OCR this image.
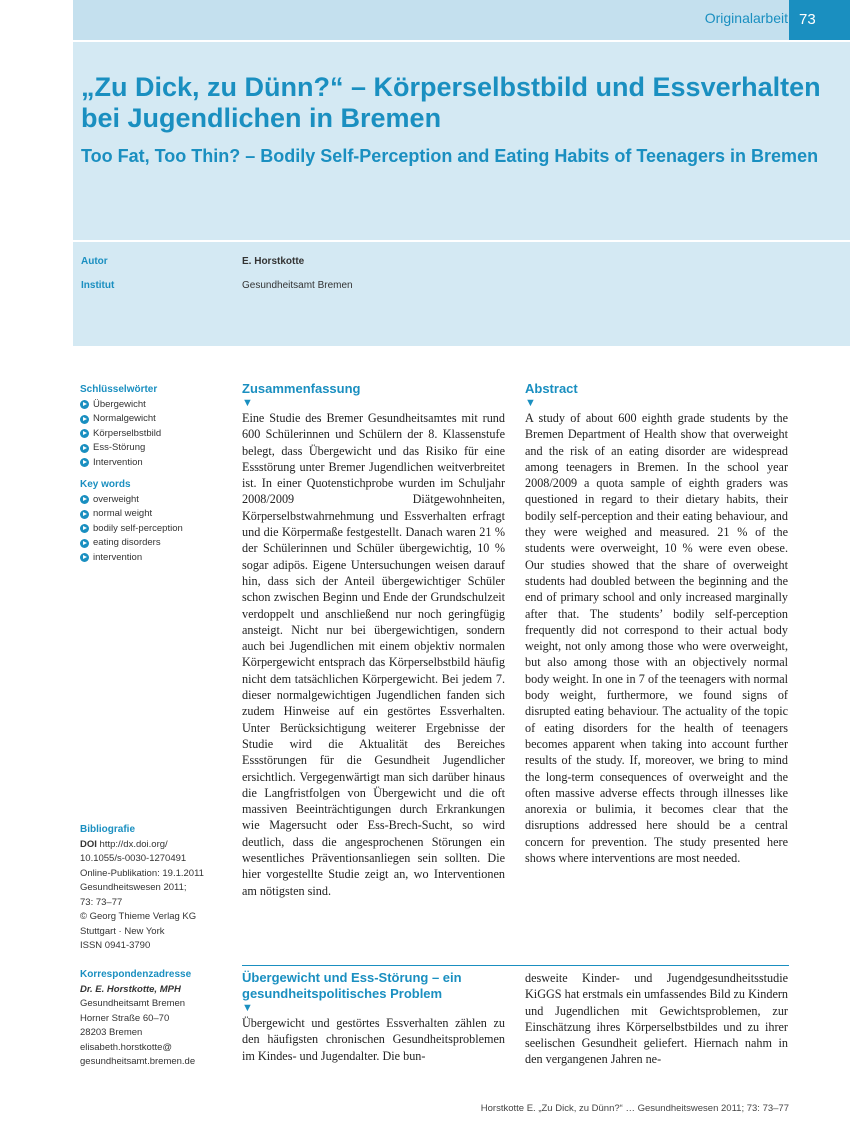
Originalarbeit 73
„Zu Dick, zu Dünn?“ – Körperselbstbild und Essverhalten bei Jugendlichen in Bremen
Too Fat, Too Thin? – Bodily Self-Perception and Eating Habits of Teenagers in Bremen
Autor	E. Horstkotte
Institut	Gesundheitsamt Bremen
Schlüsselwörter
Übergewicht
Normalgewicht
Körperselbstbild
Ess-Störung
Intervention
Key words
overweight
normal weight
bodily self-perception
eating disorders
intervention
Bibliografie
DOI http://dx.doi.org/
10.1055/s-0030-1270491
Online-Publikation: 19.1.2011
Gesundheitswesen 2011;
73: 73–77
© Georg Thieme Verlag KG
Stuttgart · New York
ISSN 0941-3790
Korrespondenzadresse
Dr. E. Horstkotte, MPH
Gesundheitsamt Bremen
Horner Straße 60–70
28203 Bremen
elisabeth.horstkotte@
gesundheitsamt.bremen.de
Zusammenfassung
▼

Eine Studie des Bremer Gesundheitsamtes mit rund 600 Schülerinnen und Schülern der 8. Klassenstufe belegt, dass Übergewicht und das Risiko für eine Essstörung unter Bremer Jugendlichen weitverbreitet ist. In einer Quotenstichprobe wurden im Schuljahr 2008/2009 Diätgewohnheiten, Körperselbstwahrnehmung und Essverhalten erfragt und die Körpermaße festgestellt. Danach waren 21 % der Schülerinnen und Schüler übergewichtig, 10 % sogar adipös. Eigene Untersuchungen weisen darauf hin, dass sich der Anteil übergewichtiger Schüler schon zwischen Beginn und Ende der Grundschulzeit verdoppelt und anschließend nur noch geringfügig ansteigt. Nicht nur bei übergewichtigen, sondern auch bei Jugendlichen mit einem objektiv normalen Körpergewicht entsprach das Körperselbstbild häufig nicht dem tatsächlichen Körpergewicht. Bei jedem 7. dieser normalgewichtigen Jugendlichen fanden sich zudem Hinweise auf ein gestörtes Essverhalten. Unter Berücksichtigung weiterer Ergebnisse der Studie wird die Aktualität des Bereiches Essstörungen für die Gesundheit Jugendlicher ersichtlich. Vergegenwärtigt man sich darüber hinaus die Langfristfolgen von Übergewicht und die oft massiven Beeinträchtigungen durch Erkrankungen wie Magersucht oder Ess-Brech-Sucht, so wird deutlich, dass die angesprochenen Störungen ein wesentliches Präventionsanliegen sein sollten. Die hier vorgestellte Studie zeigt an, wo Interventionen am nötigsten sind.

Abstract
▼

A study of about 600 eighth grade students by the Bremen Department of Health show that overweight and the risk of an eating disorder are widespread among teenagers in Bremen. In the school year 2008/2009 a quota sample of eighth graders was questioned in regard to their dietary habits, their bodily self-perception and their eating behaviour, and they were weighed and measured. 21 % of the students were overweight, 10 % were even obese. Our studies showed that the share of overweight students had doubled between the beginning and the end of primary school and only increased marginally after that. The students’ bodily self-perception frequently did not correspond to their actual body weight, not only among those who were overweight, but also among those with an objectively normal body weight. In one in 7 of the teenagers with normal body weight, furthermore, we found signs of disrupted eating behaviour. The actuality of the topic of eating disorders for the health of teenagers becomes apparent when taking into account further results of the study. If, moreover, we bring to mind the long-term consequences of overweight and the often massive adverse effects through illnesses like anorexia or bulimia, it becomes clear that the disruptions addressed here should be a central concern for prevention. The study presented here shows where interventions are most needed.

Übergewicht und Ess-Störung – ein gesundheitspolitisches Problem
▼

Übergewicht und gestörtes Essverhalten zählen zu den häufigsten chronischen Gesundheitsproblemen im Kindes- und Jugendalter. Die bun-

desweite Kinder- und Jugendgesundheitsstudie KiGGS hat erstmals ein umfassendes Bild zu Kindern und Jugendlichen mit Gewichtsproblemen, zur Einschätzung ihres Körperselbstbildes und zu ihrer seelischen Gesundheit geliefert. Hiernach nahm in den vergangenen Jahren ne-

Horstkotte E. „Zu Dick, zu Dünn?“ … Gesundheitswesen 2011; 73: 73–77
